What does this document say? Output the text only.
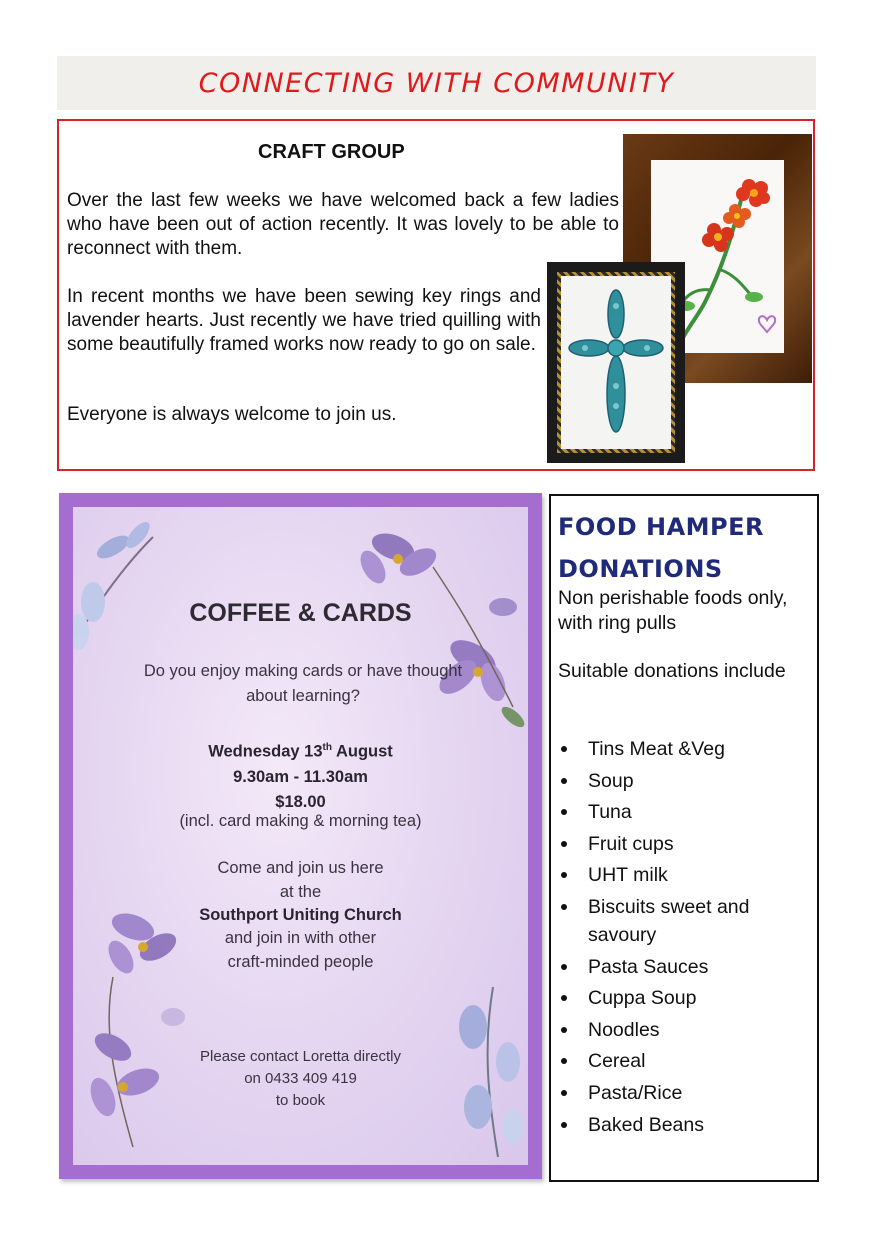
CONNECTING WITH COMMUNITY
CRAFT GROUP

Over the last few weeks we have welcomed back a few ladies who have been out of action recently. It was lovely to be able to reconnect with them.

In recent months we have been sewing key rings and lavender hearts. Just recently we have tried quilling with some beautifully framed works now ready to go on sale.

Everyone is always welcome to join us.

COFFEE & CARDS

Do you enjoy making cards or have thought about learning?

Wednesday 13th August
9.30am - 11.30am
$18.00

(incl. card making & morning tea)

Come and join us here
at the
Southport Uniting Church
and join in with other
craft-minded people
Please contact Loretta directly
on 0433 409 419
to book
FOOD HAMPER
DONATIONS

Non perishable foods only, with ring pulls

Suitable donations include

Tins Meat &Veg
Soup
Tuna
Fruit cups
UHT milk
Biscuits sweet and savoury
Pasta Sauces
Cuppa Soup
Noodles
Cereal
Pasta/Rice
Baked Beans
